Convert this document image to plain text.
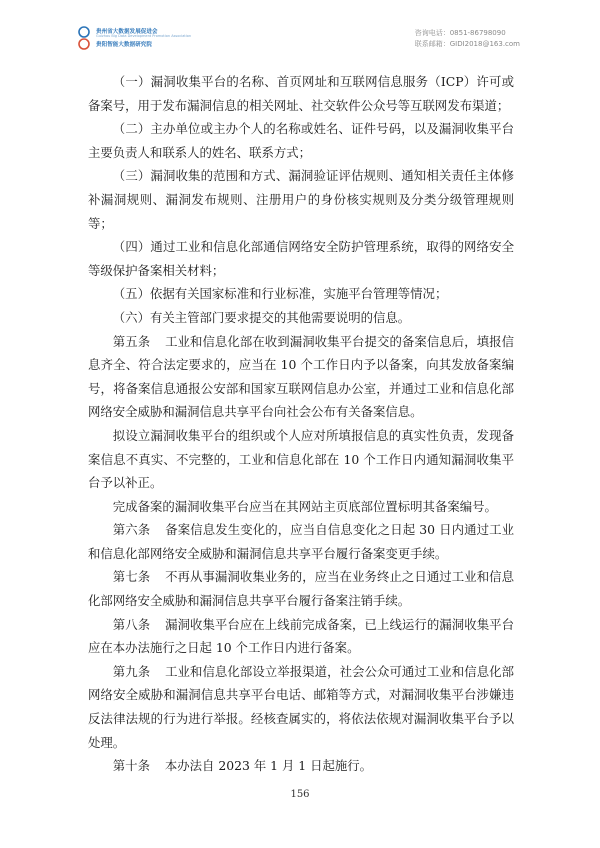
贵州省大数据发展促进会
Guizhou Big Data Development Promotion Association
贵阳智能大数据研究院
咨询电话：0851-86798090
联系邮箱：GIDI2018@163.com

（一）漏洞收集平台的名称、首页网址和互联网信息服务（ICP）许可或备案号，用于发布漏洞信息的相关网址、社交软件公众号等互联网发布渠道；

（二）主办单位或主办个人的名称或姓名、证件号码，以及漏洞收集平台主要负责人和联系人的姓名、联系方式；

（三）漏洞收集的范围和方式、漏洞验证评估规则、通知相关责任主体修补漏洞规则、漏洞发布规则、注册用户的身份核实规则及分类分级管理规则等；

（四）通过工业和信息化部通信网络安全防护管理系统，取得的网络安全等级保护备案相关材料；

（五）依据有关国家标准和行业标准，实施平台管理等情况；

（六）有关主管部门要求提交的其他需要说明的信息。

第五条 工业和信息化部在收到漏洞收集平台提交的备案信息后，填报信息齐全、符合法定要求的，应当在 10 个工作日内予以备案，向其发放备案编号，将备案信息通报公安部和国家互联网信息办公室，并通过工业和信息化部网络安全威胁和漏洞信息共享平台向社会公布有关备案信息。

拟设立漏洞收集平台的组织或个人应对所填报信息的真实性负责，发现备案信息不真实、不完整的，工业和信息化部在 10 个工作日内通知漏洞收集平台予以补正。

完成备案的漏洞收集平台应当在其网站主页底部位置标明其备案编号。

第六条 备案信息发生变化的，应当自信息变化之日起 30 日内通过工业和信息化部网络安全威胁和漏洞信息共享平台履行备案变更手续。

第七条 不再从事漏洞收集业务的，应当在业务终止之日通过工业和信息化部网络安全威胁和漏洞信息共享平台履行备案注销手续。

第八条 漏洞收集平台应在上线前完成备案，已上线运行的漏洞收集平台应在本办法施行之日起 10 个工作日内进行备案。

第九条 工业和信息化部设立举报渠道，社会公众可通过工业和信息化部网络安全威胁和漏洞信息共享平台电话、邮箱等方式，对漏洞收集平台涉嫌违反法律法规的行为进行举报。经核查属实的，将依法依规对漏洞收集平台予以处理。

第十条 本办法自 2023 年 1 月 1 日起施行。

156
